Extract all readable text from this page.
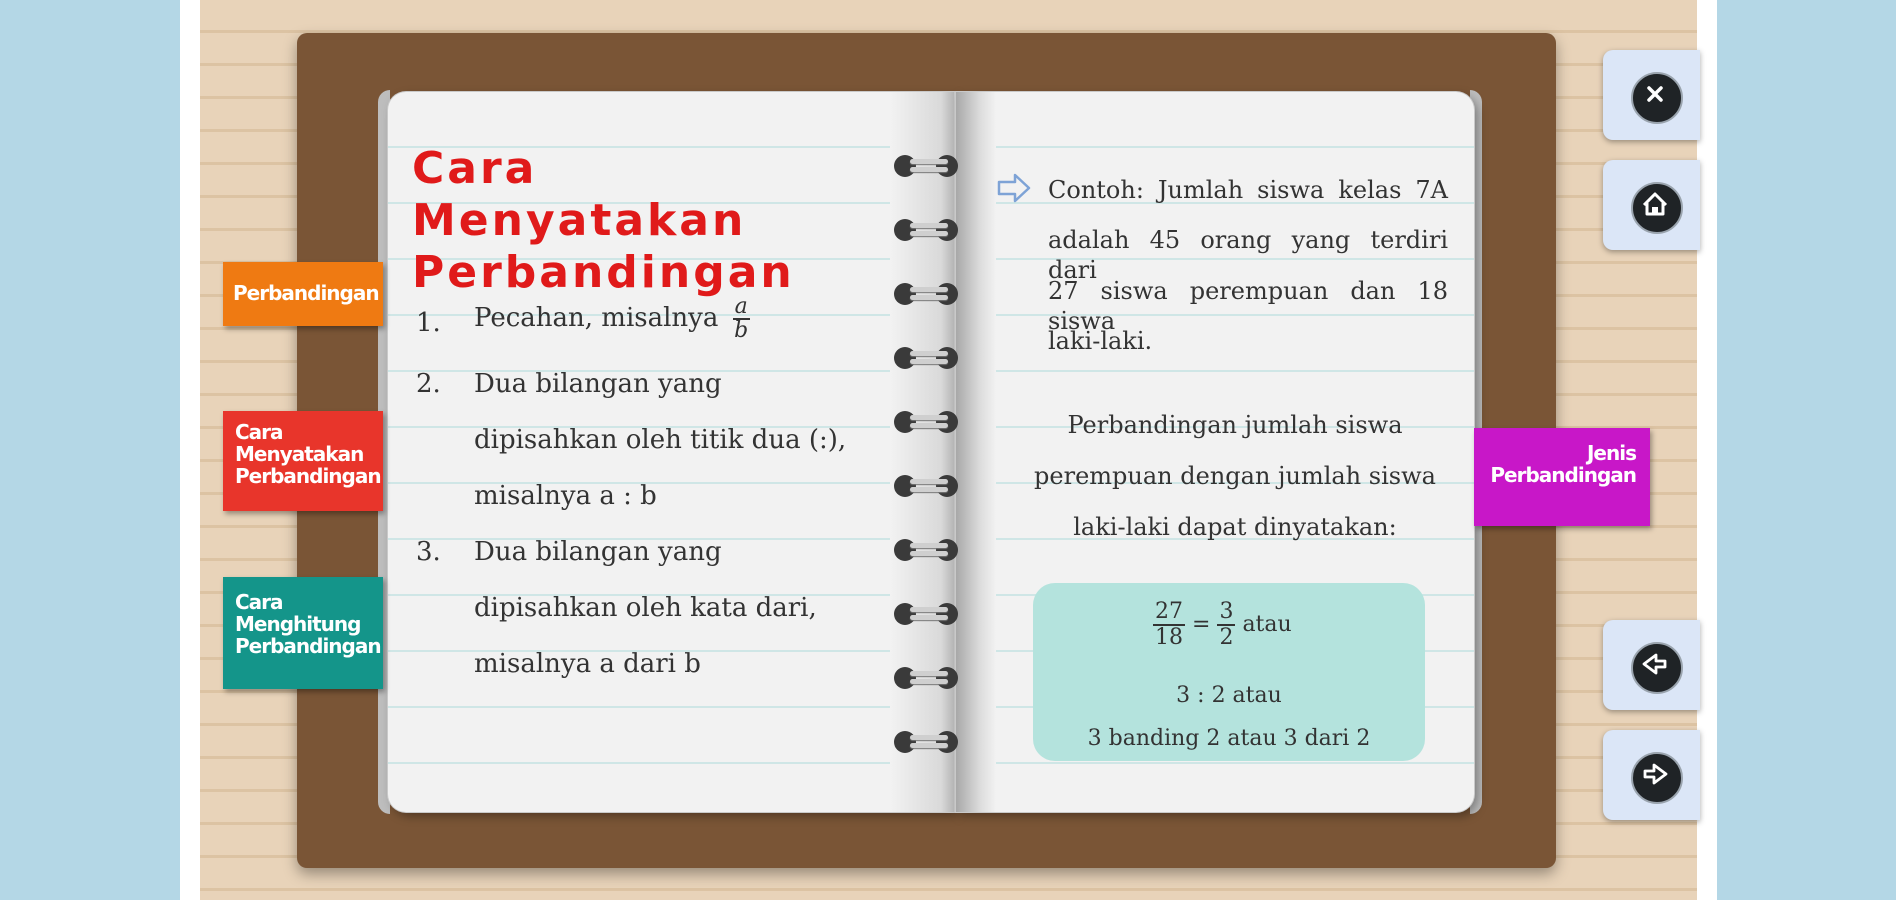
Cara Menyatakan
Perbandingan
1. Pecahan, misalnya $\frac{a}{b}$
2. Dua bilangan yang
dipisahkan oleh titik dua (:),
misalnya a : b
3. Dua bilangan yang
dipisahkan oleh kata dari,
misalnya a dari b
Contoh: Jumlah siswa kelas 7A
adalah 45 orang yang terdiri dari
27 siswa perempuan dan 18 siswa
laki-laki.
Perbandingan jumlah siswa
perempuan dengan jumlah siswa
laki-laki dapat dinyatakan:
$\frac{27}{18} = \frac{3}{2}$ atau
3 : 2 atau
3 banding 2 atau 3 dari 2
Perbandingan
Cara
Menyatakan
Perbandingan
Cara
Menghitung
Perbandingan
Jenis
Perbandingan
